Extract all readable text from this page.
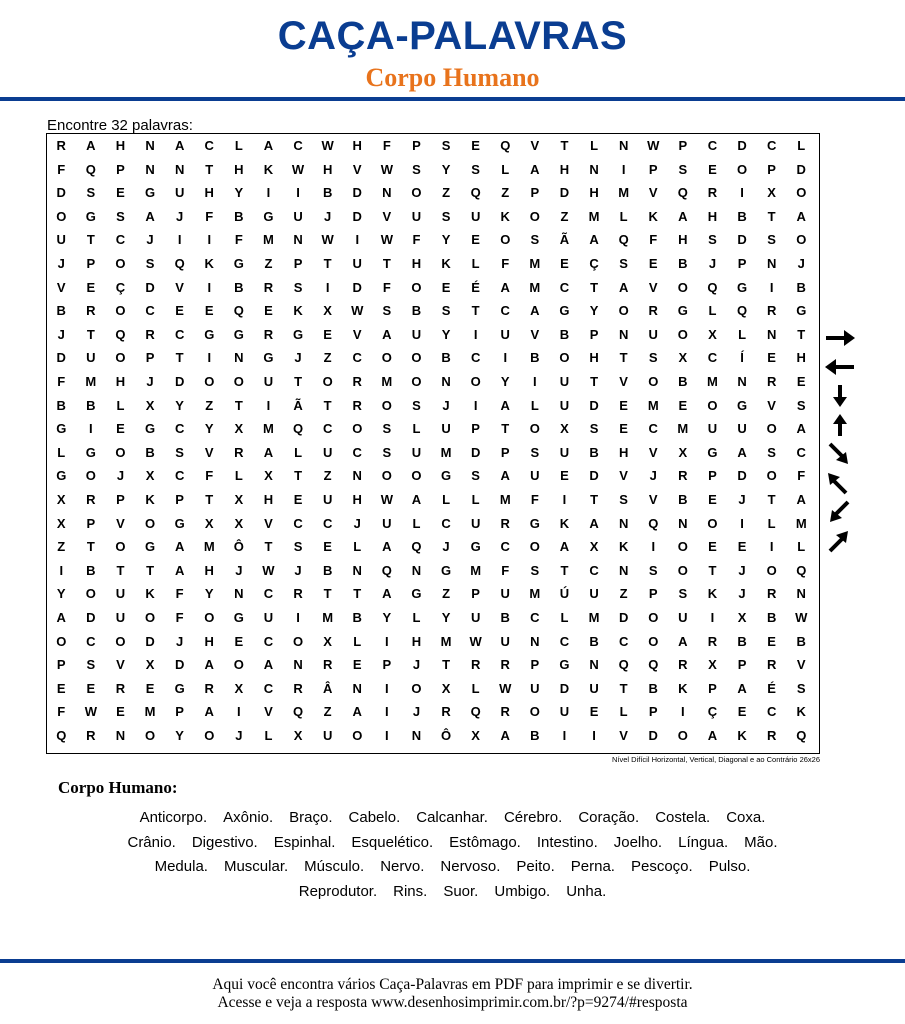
CAÇA-PALAVRAS
Corpo Humano
Encontre 32 palavras:
R	A	H	N	A	C	L	A	C	W	H	F	P	S	E	Q	V	T	L	N	W	P	C	D	C	L
F	Q	P	N	N	T	H	K	W	H	V	W	S	Y	S	L	A	H	N	I	P	S	E	O	P	D
D	S	E	G	U	H	Y	I	I	B	D	N	O	Z	Q	Z	P	D	H	M	V	Q	R	I	X	O
O	G	S	A	J	F	B	G	U	J	D	V	U	S	U	K	O	Z	M	L	K	A	H	B	T	A
U	T	C	J	I	I	F	M	N	W	I	W	F	Y	E	O	S	Ã	A	Q	F	H	S	D	S	O
J	P	O	S	Q	K	G	Z	P	T	U	T	H	K	L	F	M	E	Ç	S	E	B	J	P	N	J
V	E	Ç	D	V	I	B	R	S	I	D	F	O	E	É	A	M	C	T	A	V	O	Q	G	I	B
B	R	O	C	E	E	Q	E	K	X	W	S	B	S	T	C	A	G	Y	O	R	G	L	Q	R	G
J	T	Q	R	C	G	G	R	G	E	V	A	U	Y	I	U	V	B	P	N	U	O	X	L	N	T
D	U	O	P	T	I	N	G	J	Z	C	O	O	B	C	I	B	O	H	T	S	X	C	Í	E	H
F	M	H	J	D	O	O	U	T	O	R	M	O	N	O	Y	I	U	T	V	O	B	M	N	R	E
B	B	L	X	Y	Z	T	I	Ã	T	R	O	S	J	I	A	L	U	D	E	M	E	O	G	V	S
G	I	E	G	C	Y	X	M	Q	C	O	S	L	U	P	T	O	X	S	E	C	M	U	U	O	A
L	G	O	B	S	V	R	A	L	U	C	S	U	M	D	P	S	U	B	H	V	X	G	A	S	C
G	O	J	X	C	F	L	X	T	Z	N	O	O	G	S	A	U	E	D	V	J	R	P	D	O	F
X	R	P	K	P	T	X	H	E	U	H	W	A	L	L	M	F	I	T	S	V	B	E	J	T	A
X	P	V	O	G	X	X	V	C	C	J	U	L	C	U	R	G	K	A	N	Q	N	O	I	L	M
Z	T	O	G	A	M	Ô	T	S	E	L	A	Q	J	G	C	O	A	X	K	I	O	E	E	I	L
I	B	T	T	A	H	J	W	J	B	N	Q	N	G	M	F	S	T	C	N	S	O	T	J	O	Q
Y	O	U	K	F	Y	N	C	R	T	T	A	G	Z	P	U	M	Ú	U	Z	P	S	K	J	R	N
A	D	U	O	F	O	G	U	I	M	B	Y	L	Y	U	B	C	L	M	D	O	U	I	X	B	W
O	C	O	D	J	H	E	C	O	X	L	I	H	M	W	U	N	C	B	C	O	A	R	B	E	B
P	S	V	X	D	A	O	A	N	R	E	P	J	T	R	R	P	G	N	Q	Q	R	X	P	R	V
E	E	R	E	G	R	X	C	R	Â	N	I	O	X	L	W	U	D	U	T	B	K	P	A	É	S
F	W	E	M	P	A	I	V	Q	Z	A	I	J	R	Q	R	O	U	E	L	P	I	Ç	E	C	K
Q	R	N	O	Y	O	J	L	X	U	O	I	N	Ô	X	A	B	I	I	V	D	O	A	K	R	Q
Nível Difícil Horizontal, Vertical, Diagonal e ao Contrário 26x26
Corpo Humano:
Anticorpo. Axônio. Braço. Cabelo. Calcanhar. Cérebro. Coração. Costela. Coxa.
Crânio. Digestivo. Espinhal. Esquelético. Estômago. Intestino. Joelho. Língua. Mão.
Medula. Muscular. Músculo. Nervo. Nervoso. Peito. Perna. Pescoço. Pulso.
Reprodutor. Rins. Suor. Umbigo. Unha.
Aqui você encontra vários Caça-Palavras em PDF para imprimir e se divertir.
Acesse e veja a resposta www.desenhosimprimir.com.br/?p=9274/#resposta
